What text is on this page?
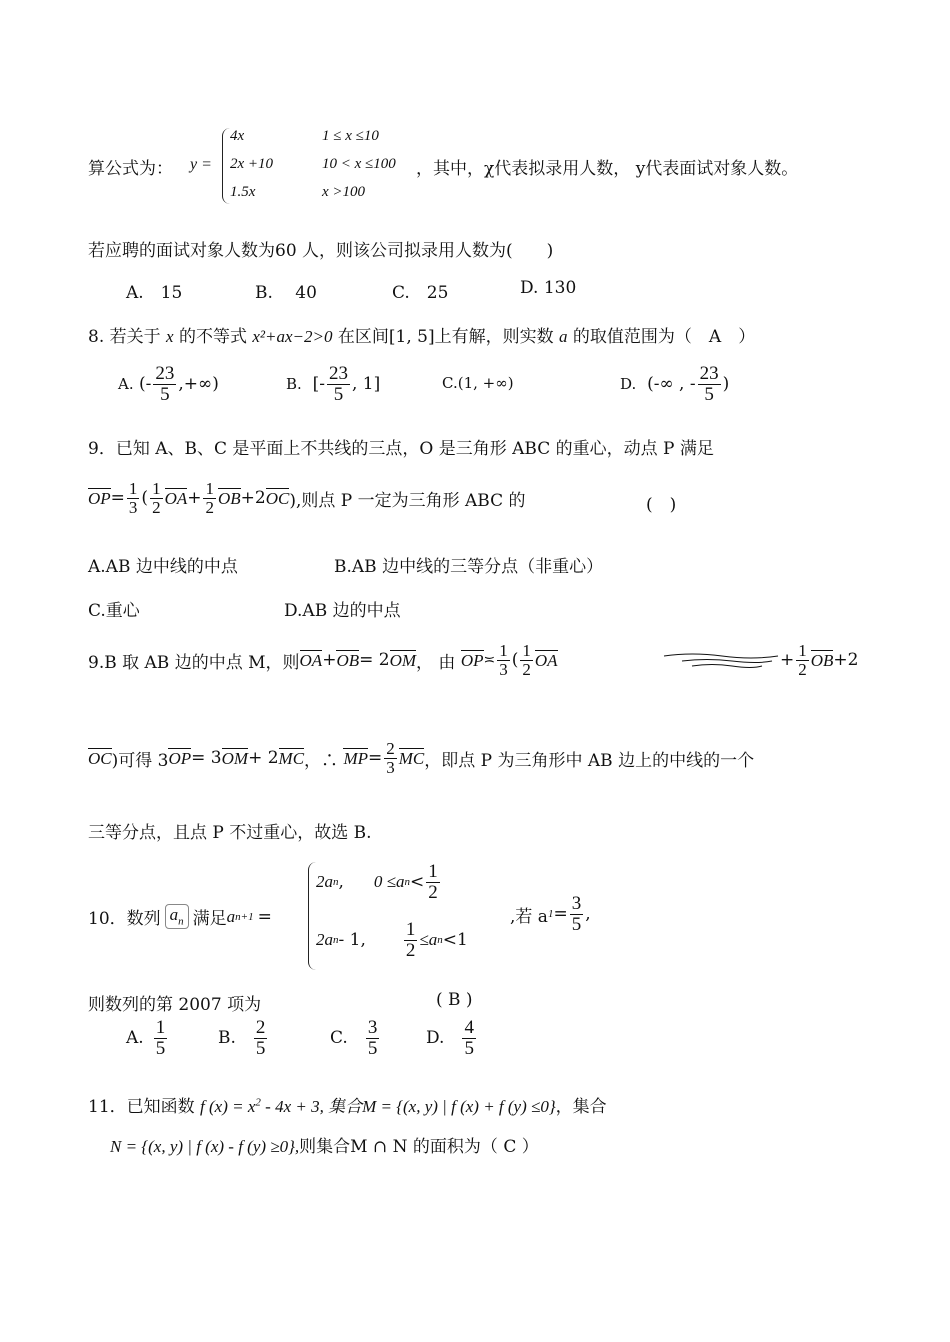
算公式为： y =
4x	1 ≤ x ≤10
2x +10	10 < x ≤100
1.5x	x >100
，其中，χ代表拟录用人数， y代表面试对象人数。
若应聘的面试对象人数为60 人，则该公司拟录用人数为(　　)
A.　15	B.　 40	C.　25	D. 130
8. 若关于 x 的不等式 x²+ax−2>0 在区间[1, 5]上有解，则实数 a 的取值范围为（　A　）
A.
(- $\frac{23}{5}$ ,+∞)	B.
[- $\frac{23}{5}$ , 1]	C.(1, +∞)	D.
(-∞ , - $\frac{23}{5}$ )
9．已知 A、B、C 是平面上不共线的三点，O 是三角形 ABC 的重心，动点 P 满足
OP = $\frac{1}{3}$ ( $\frac{1}{2}$ OA + $\frac{1}{2}$ OB +2 OC ),则点 P 一定为三角形 ABC 的	(　)
A.AB 边中线的中点	B.AB 边中线的三等分点（非重心）
C.重心	D.AB 边的中点
9.B 取 AB 边的中点 M，则 OA + OB = 2 OM ， 由
OP ≍ $\frac{1}{3}$ ( $\frac{1}{2}$ OA	+ $\frac{1}{2}$ OB +2
OC )可得 3 OP = 3 OM + 2 MC ，∴
MP = $\frac{2}{3}$ MC ，即点 P 为三角形中 AB 边上的中线的一个
三等分点，且点 P 不过重心，故选 B.
10．数列 $a_n$ 满足 a n+1 =
2a n , 0 ≤a $n < \frac{1}{2}$
2a n - 1, $\frac{1}{2} \le a$ n <1
,若 a $1 = \frac{3}{5}$ ,
则数列的第 2007 项为	( B )
A. $\frac{1}{5}$	B. $\frac{2}{5}$	C. $\frac{3}{5}$	D. $\frac{4}{5}$
11．已知函数 f $(x) = x^2 - 4x + 3$, 集合M = {(x, y) | f (x) + f (y) ≤0}，集合
N = {(x, y) | f (x) - f (y) ≥0},则集合M ∩ N 的面积为（ C ）
